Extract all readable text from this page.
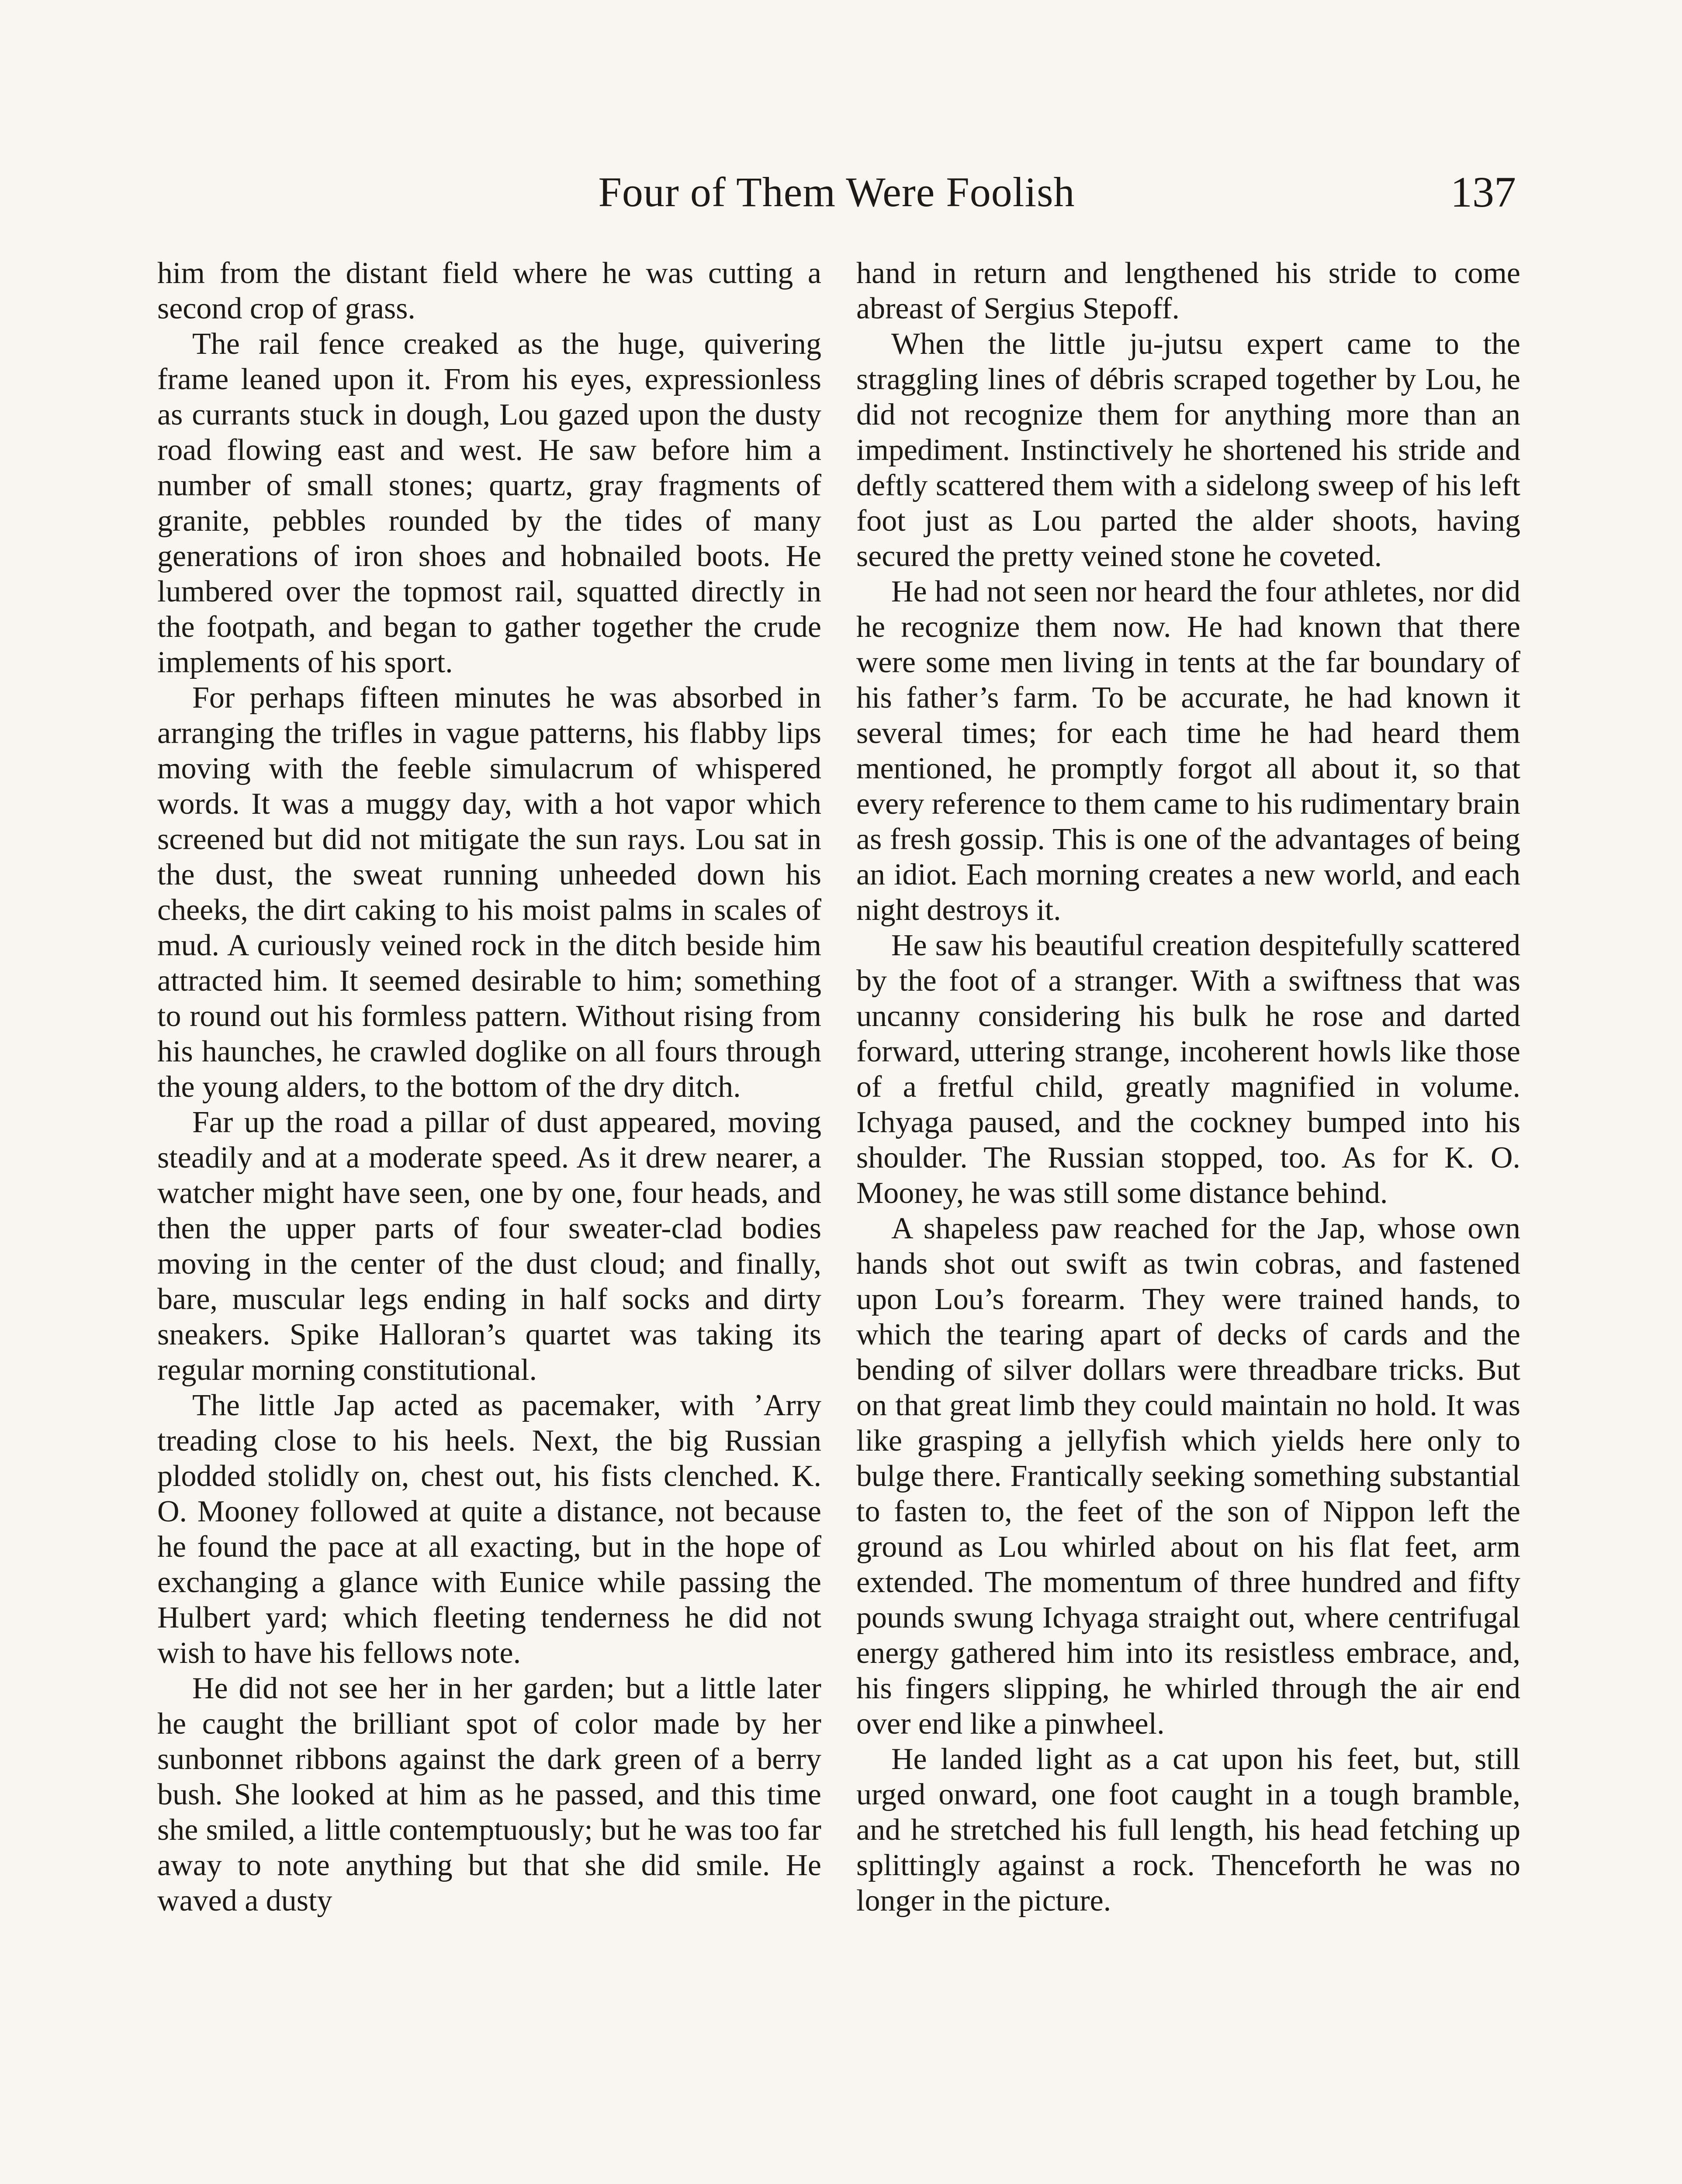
Four of Them Were Foolish	137

him from the distant field where he was cutting a second crop of grass.

The rail fence creaked as the huge, quivering frame leaned upon it. From his eyes, expressionless as currants stuck in dough, Lou gazed upon the dusty road flowing east and west. He saw before him a number of small stones; quartz, gray fragments of granite, pebbles rounded by the tides of many generations of iron shoes and hobnailed boots. He lumbered over the topmost rail, squatted directly in the footpath, and began to gather together the crude implements of his sport.

For perhaps fifteen minutes he was absorbed in arranging the trifles in vague patterns, his flabby lips moving with the feeble simulacrum of whispered words. It was a muggy day, with a hot vapor which screened but did not mitigate the sun rays. Lou sat in the dust, the sweat running unheeded down his cheeks, the dirt caking to his moist palms in scales of mud. A curiously veined rock in the ditch beside him attracted him. It seemed desirable to him; something to round out his formless pattern. Without rising from his haunches, he crawled doglike on all fours through the young alders, to the bottom of the dry ditch.

Far up the road a pillar of dust appeared, moving steadily and at a moderate speed. As it drew nearer, a watcher might have seen, one by one, four heads, and then the upper parts of four sweater-clad bodies moving in the center of the dust cloud; and finally, bare, muscular legs ending in half socks and dirty sneakers. Spike Halloran’s quartet was taking its regular morning constitutional.

The little Jap acted as pacemaker, with ’Arry treading close to his heels. Next, the big Russian plodded stolidly on, chest out, his fists clenched. K. O. Mooney followed at quite a distance, not because he found the pace at all exacting, but in the hope of exchanging a glance with Eunice while passing the Hulbert yard; which fleeting tenderness he did not wish to have his fellows note.

He did not see her in her garden; but a little later he caught the brilliant spot of color made by her sunbonnet ribbons against the dark green of a berry bush. She looked at him as he passed, and this time she smiled, a little contemptuously; but he was too far away to note anything but that she did smile. He waved a dusty

hand in return and lengthened his stride to come abreast of Sergius Stepoff.

When the little ju-jutsu expert came to the straggling lines of débris scraped together by Lou, he did not recognize them for anything more than an impediment. Instinctively he shortened his stride and deftly scattered them with a sidelong sweep of his left foot just as Lou parted the alder shoots, having secured the pretty veined stone he coveted.

He had not seen nor heard the four athletes, nor did he recognize them now. He had known that there were some men living in tents at the far boundary of his father’s farm. To be accurate, he had known it several times; for each time he had heard them mentioned, he promptly forgot all about it, so that every reference to them came to his rudimentary brain as fresh gossip. This is one of the advantages of being an idiot. Each morning creates a new world, and each night destroys it.

He saw his beautiful creation despitefully scattered by the foot of a stranger. With a swiftness that was uncanny considering his bulk he rose and darted forward, uttering strange, incoherent howls like those of a fretful child, greatly magnified in volume. Ichyaga paused, and the cockney bumped into his shoulder. The Russian stopped, too. As for K. O. Mooney, he was still some distance behind.

A shapeless paw reached for the Jap, whose own hands shot out swift as twin cobras, and fastened upon Lou’s forearm. They were trained hands, to which the tearing apart of decks of cards and the bending of silver dollars were threadbare tricks. But on that great limb they could maintain no hold. It was like grasping a jellyfish which yields here only to bulge there. Frantically seeking something substantial to fasten to, the feet of the son of Nippon left the ground as Lou whirled about on his flat feet, arm extended. The momentum of three hundred and fifty pounds swung Ichyaga straight out, where centrifugal energy gathered him into its resistless embrace, and, his fingers slipping, he whirled through the air end over end like a pinwheel.

He landed light as a cat upon his feet, but, still urged onward, one foot caught in a tough bramble, and he stretched his full length, his head fetching up splittingly against a rock. Thenceforth he was no longer in the picture.
